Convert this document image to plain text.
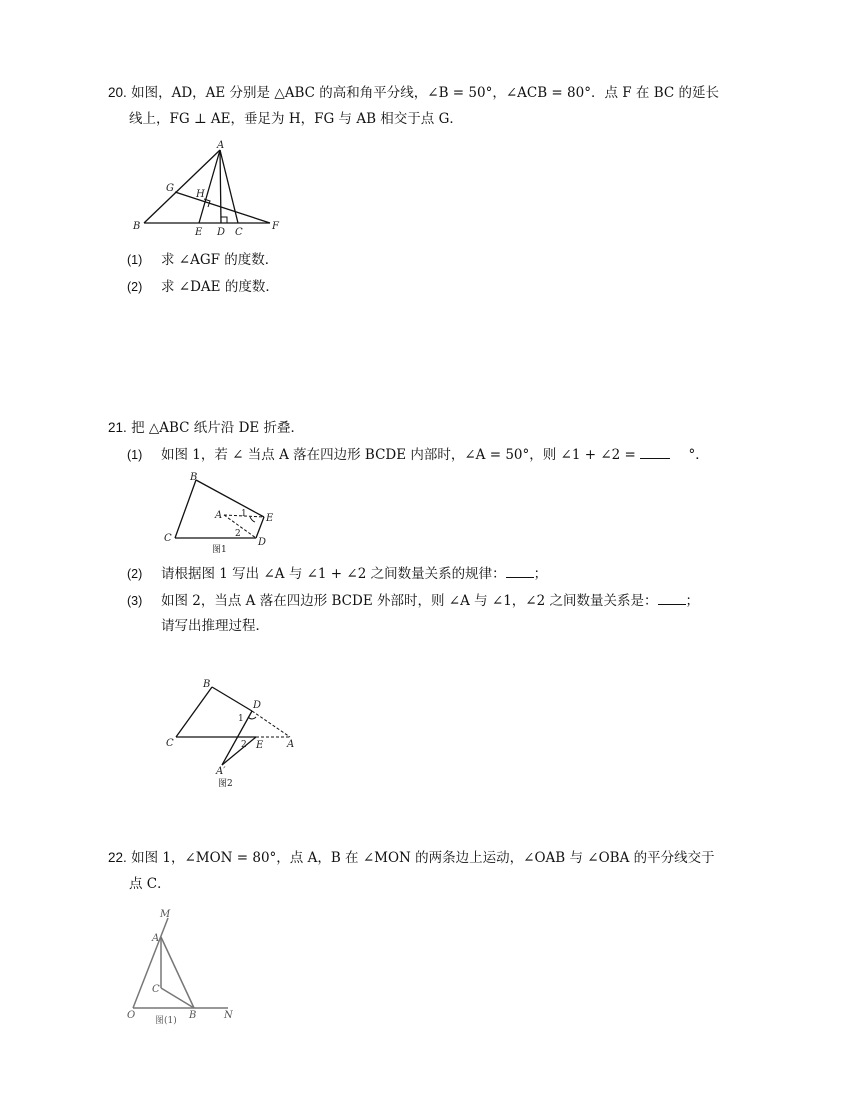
20. 如图，AD，AE 分别是 △ABC 的高和角平分线，∠B = 50°，∠ACB = 80°．点 F 在 BC 的延长
线上，FG ⊥ AE，垂足为 H，FG 与 AB 相交于点 G．
A
G
H
B
E D C
F
(1) 求 ∠AGF 的度数．
(2) 求 ∠DAE 的度数．
21. 把 △ABC 纸片沿 DE 折叠．
(1) 如图 1，若 ∠ 当点 A 落在四边形 BCDE 内部时，∠A = 50°，则 ∠1 + ∠2 =	°．
B
A 1 E
2
C	D
图1
(2) 请根据图 1 写出 ∠A 与 ∠1 + ∠2 之间数量关系的规律： ；
(3) 如图 2，当点 A 落在四边形 BCDE 外部时，则 ∠A 与 ∠1，∠2 之间数量关系是： ；
请写出推理过程．
B
D
1
C	2 E A
A′
图2
22. 如图 1，∠MON = 80°，点 A，B 在 ∠MON 的两条边上运动，∠OAB 与 ∠OBA 的平分线交于
点 C．
M
A
C
O	B	N
图(1)
